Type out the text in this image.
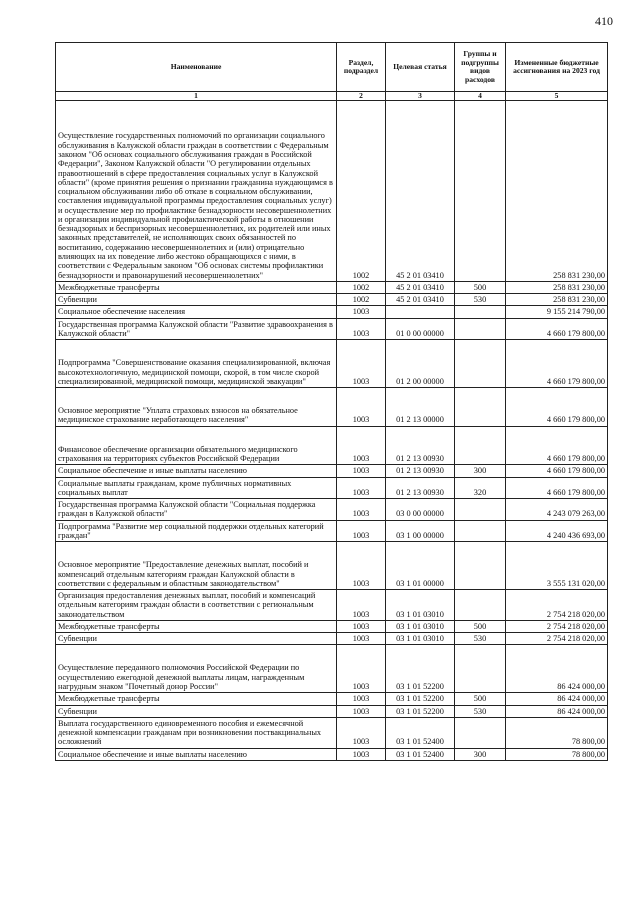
410
Наименование	Раздел, подраздел	Целевая статья	Группы и подгруппы видов расходов	Измененные бюджетные ассигнования на 2023 год
1	2	3	4	5
Осуществление государственных полномочий по организации социального обслуживания в Калужской области граждан в соответствии с Федеральным законом "Об основах социального обслуживания граждан в Российской Федерации", Законом Калужской области "О регулировании отдельных правоотношений в сфере предоставления социальных услуг в Калужской области" (кроме принятия решения о признании гражданина нуждающимся в социальном обслуживании либо об отказе в социальном обслуживании, составления индивидуальной программы предоставления социальных услуг) и осуществление мер по профилактике безнадзорности несовершеннолетних и организации индивидуальной профилактической работы в отношении безнадзорных и беспризорных несовершеннолетних, их родителей или иных законных представителей, не исполняющих своих обязанностей по воспитанию, содержанию несовершеннолетних и (или) отрицательно влияющих на их поведение либо жестоко обращающихся с ними, в соответствии с Федеральным законом "Об основах системы профилактики безнадзорности и правонарушений несовершеннолетних"	1002	45 2 01 03410		258 831 230,00
Межбюджетные трансферты	1002	45 2 01 03410	500	258 831 230,00
Субвенции	1002	45 2 01 03410	530	258 831 230,00
Социальное обеспечение населения	1003			9 155 214 790,00
Государственная программа Калужской области "Развитие здравоохранения в Калужской области"	1003	01 0 00 00000		4 660 179 800,00
Подпрограмма "Совершенствование оказания специализированной, включая высокотехнологичную, медицинской помощи, скорой, в том числе скорой специализированной, медицинской помощи, медицинской эвакуации"	1003	01 2 00 00000		4 660 179 800,00
Основное мероприятие "Уплата страховых взносов на обязательное медицинское страхование неработающего населения"	1003	01 2 13 00000		4 660 179 800,00
Финансовое обеспечение организации обязательного медицинского страхования на территориях субъектов Российской Федерации	1003	01 2 13 00930		4 660 179 800,00
Социальное обеспечение и иные выплаты населению	1003	01 2 13 00930	300	4 660 179 800,00
Социальные выплаты гражданам, кроме публичных нормативных социальных выплат	1003	01 2 13 00930	320	4 660 179 800,00
Государственная программа Калужской области "Социальная поддержка граждан в Калужской области"	1003	03 0 00 00000		4 243 079 263,00
Подпрограмма "Развитие мер социальной поддержки отдельных категорий граждан"	1003	03 1 00 00000		4 240 436 693,00
Основное мероприятие "Предоставление денежных выплат, пособий и компенсаций отдельным категориям граждан Калужской области в соответствии с федеральным и областным законодательством"	1003	03 1 01 00000		3 555 131 020,00
Организация предоставления денежных выплат, пособий и компенсаций отдельным категориям граждан области в соответствии с региональным законодательством	1003	03 1 01 03010		2 754 218 020,00
Межбюджетные трансферты	1003	03 1 01 03010	500	2 754 218 020,00
Субвенции	1003	03 1 01 03010	530	2 754 218 020,00
Осуществление переданного полномочия Российской Федерации по осуществлению ежегодной денежной выплаты лицам, награжденным нагрудным знаком "Почетный донор России"	1003	03 1 01 52200		86 424 000,00
Межбюджетные трансферты	1003	03 1 01 52200	500	86 424 000,00
Субвенции	1003	03 1 01 52200	530	86 424 000,00
Выплата государственного единовременного пособия и ежемесячной денежной компенсации гражданам при возникновении поствакцинальных осложнений	1003	03 1 01 52400		78 800,00
Социальное обеспечение и иные выплаты населению	1003	03 1 01 52400	300	78 800,00
